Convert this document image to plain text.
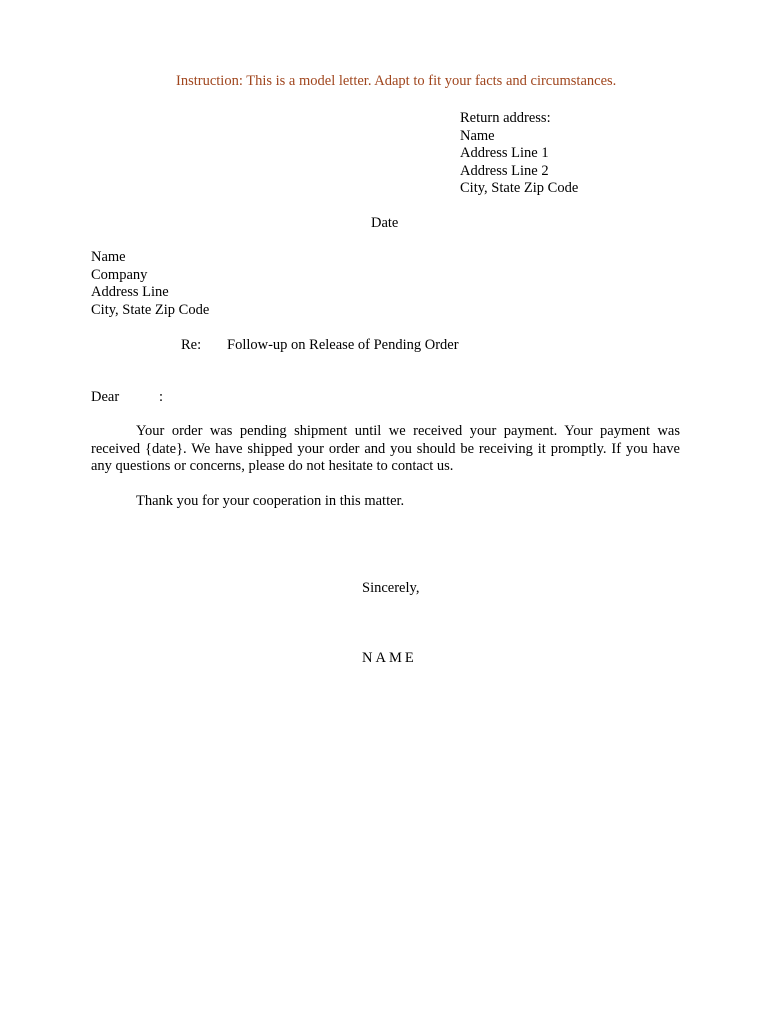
Instruction: This is a model letter. Adapt to fit your facts and circumstances.
Return address:
Name
Address Line 1
Address Line 2
City, State Zip Code
Date
Name
Company
Address Line
City, State Zip Code
Re: Follow-up on Release of Pending Order
Dear	:
Your order was pending shipment until we received your payment. Your payment was
received {date}. We have shipped your order and you should be receiving it promptly. If you have
any questions or concerns, please do not hesitate to contact us.
Thank you for your cooperation in this matter.
Sincerely,
NAME
